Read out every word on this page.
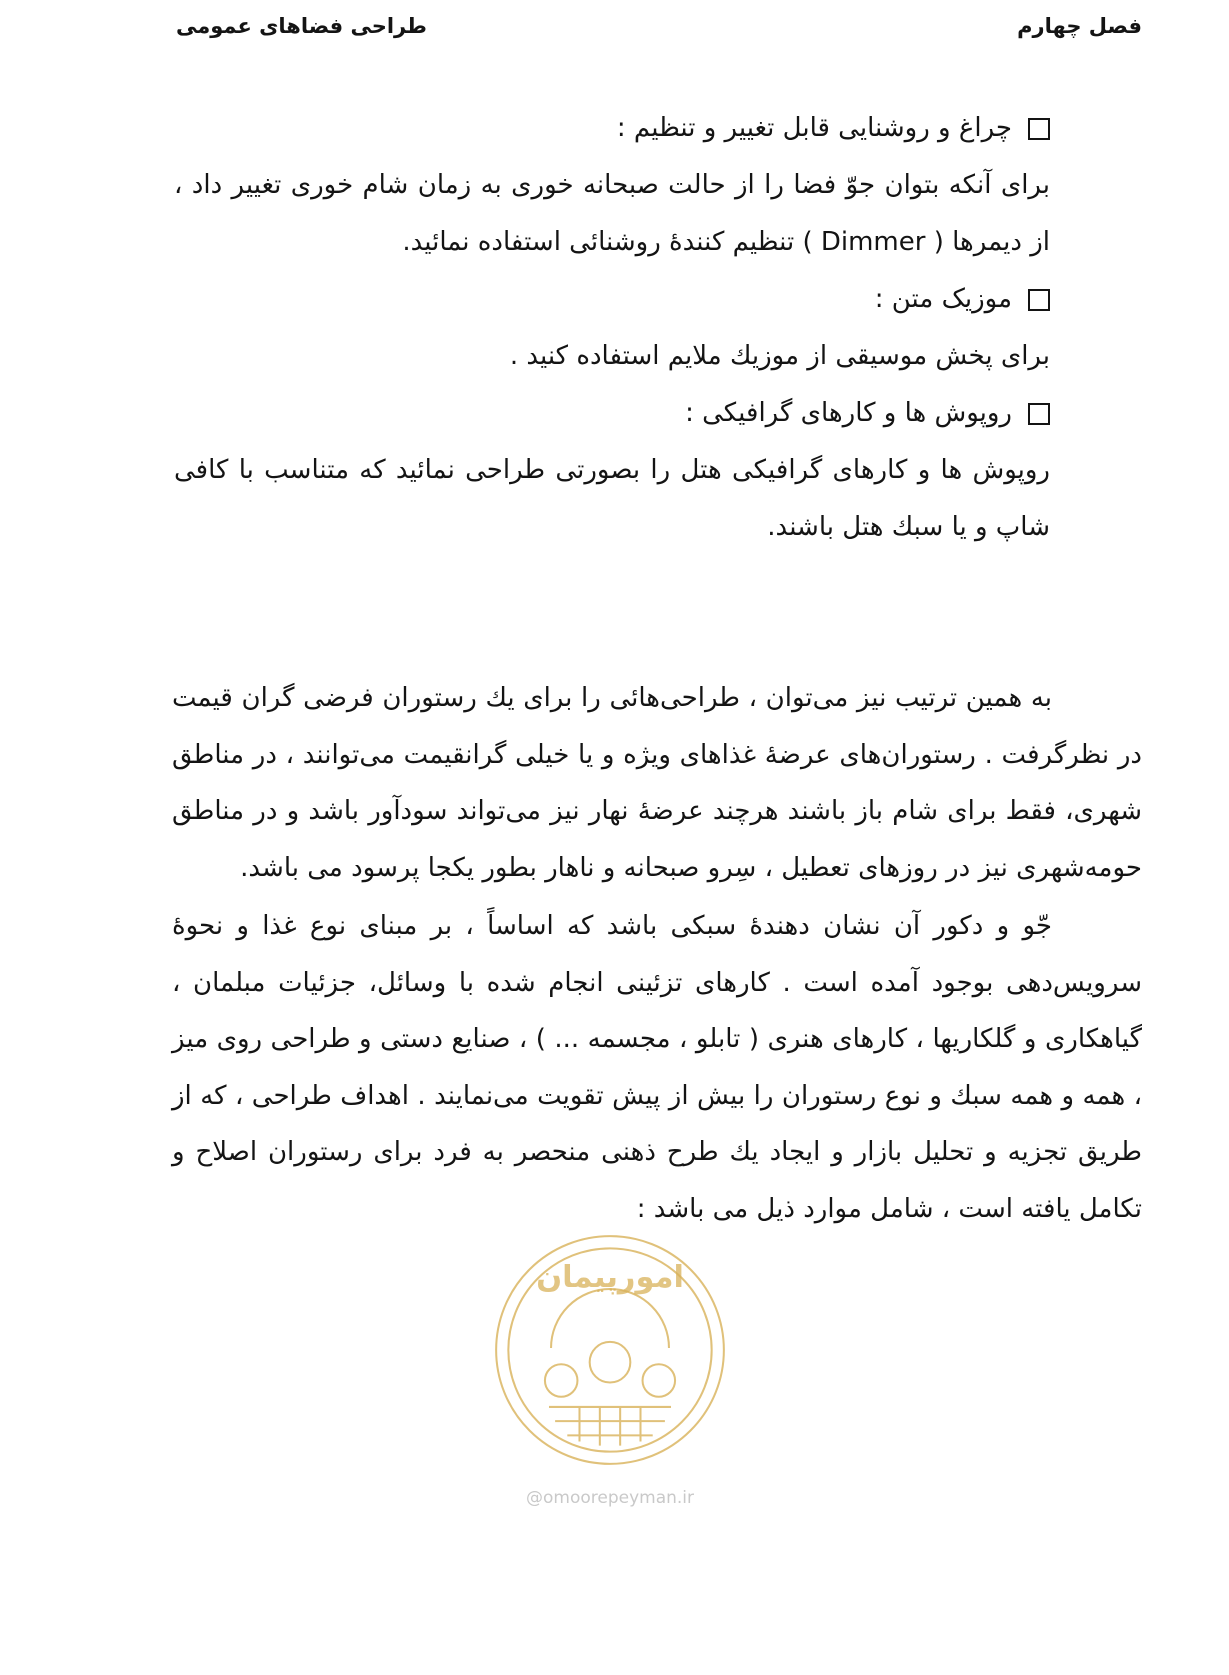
فصل چهارم
طراحی فضاهای عمومی
چراغ و روشنایی قابل تغییر و تنظیم :
برای آنکه بتوان جوّ فضا را از حالت صبحانه خوری به زمان شام خوری تغییر داد ، از دیمرها ( Dimmer ) تنظیم کنندهٔ روشنائی استفاده نمائید.
موزیک متن :
برای پخش موسیقی از موزیك ملایم استفاده کنید .
روپوش ها و کارهای گرافیکی :
روپوش ها و کارهای گرافیکی هتل را بصورتی طراحی نمائید که متناسب با کافی شاپ و یا سبك هتل باشند.

به همین ترتیب نیز می‌توان ، طراحی‌هائی را برای یك رستوران فرضی گران قیمت در نظرگرفت . رستوران‌های عرضهٔ غذاهای ویژه و یا خیلی گرانقیمت می‌توانند ، در مناطق شهری، فقط برای شام باز باشند هرچند عرضهٔ نهار نیز می‌تواند سودآور باشد و در مناطق حومه‌شهری نیز در روزهای تعطیل ، سِرو صبحانه و ناهار بطور یکجا پرسود می باشد.

جّو و دکور آن نشان دهندهٔ سبکی باشد که اساساً ، بر مبنای نوع غذا و نحوهٔ سرویس‌دهی بوجود آمده است . کارهای تزئینی انجام شده با وسائل، جزئیات مبلمان ، گیاهکاری و گلکاریها ، کارهای هنری ( تابلو ، مجسمه ... ) ، صنایع دستی و طراحی روی میز ، همه و همه سبك و نوع رستوران را بیش از پیش تقویت می‌نمایند . اهداف طراحی ، که از طریق تجزیه و تحلیل بازار و ایجاد یك طرح ذهنی منحصر به فرد برای رستوران اصلاح و تکامل یافته است ، شامل موارد ذیل می باشد :

امورپیمان
@omoorepeyman.ir
